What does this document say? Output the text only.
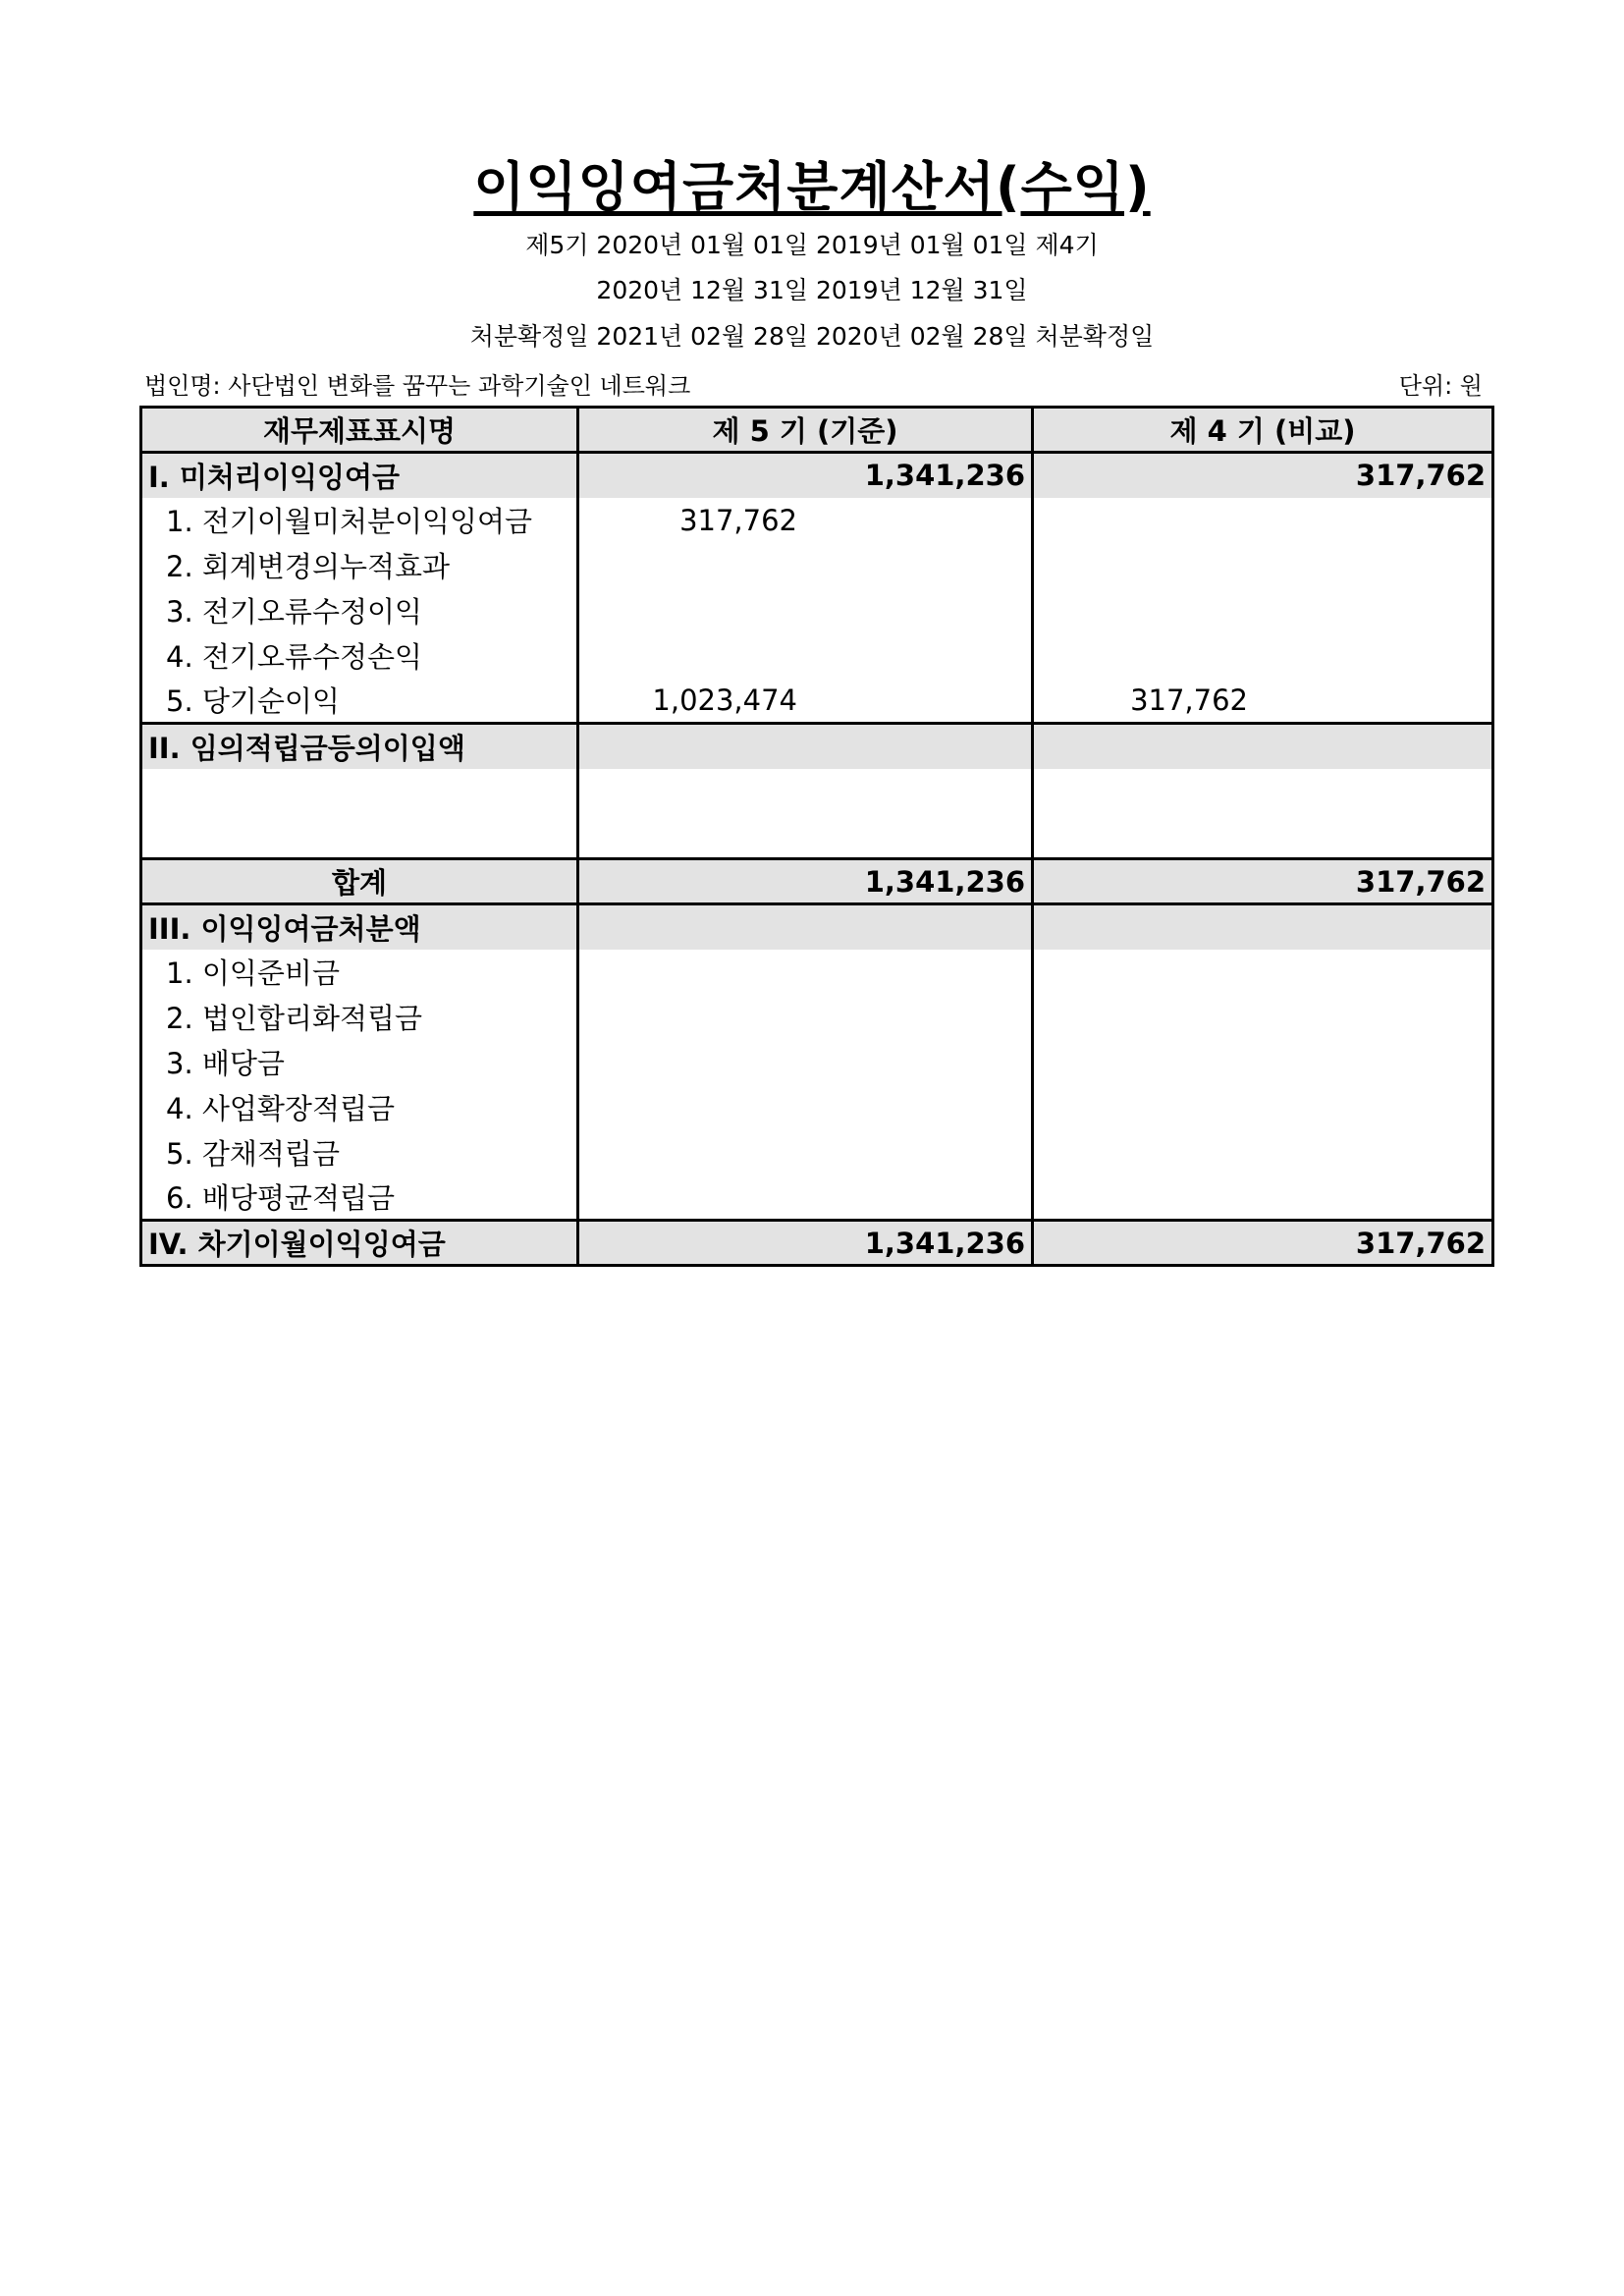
이익잉여금처분계산서(수익)
제5기 2020년 01월 01일 2019년 01월 01일 제4기
2020년 12월 31일 2019년 12월 31일
처분확정일 2021년 02월 28일 2020년 02월 28일 처분확정일
법인명: 사단법인 변화를 꿈꾸는 과학기술인 네트워크	단위: 원
재무제표표시명	제 5 기 (기준)	제 4 기 (비교)
I. 미처리이익잉여금	1,341,236	317,762
1. 전기이월미처분이익잉여금	317,762	
2. 회계변경의누적효과		
3. 전기오류수정이익		
4. 전기오류수정손익		
5. 당기순이익	1,023,474	317,762
II. 임의적립금등의이입액		

합계	1,341,236	317,762
III. 이익잉여금처분액		
1. 이익준비금		
2. 법인합리화적립금		
3. 배당금		
4. 사업확장적립금		
5. 감채적립금		
6. 배당평균적립금		
IV. 차기이월이익잉여금	1,341,236	317,762
